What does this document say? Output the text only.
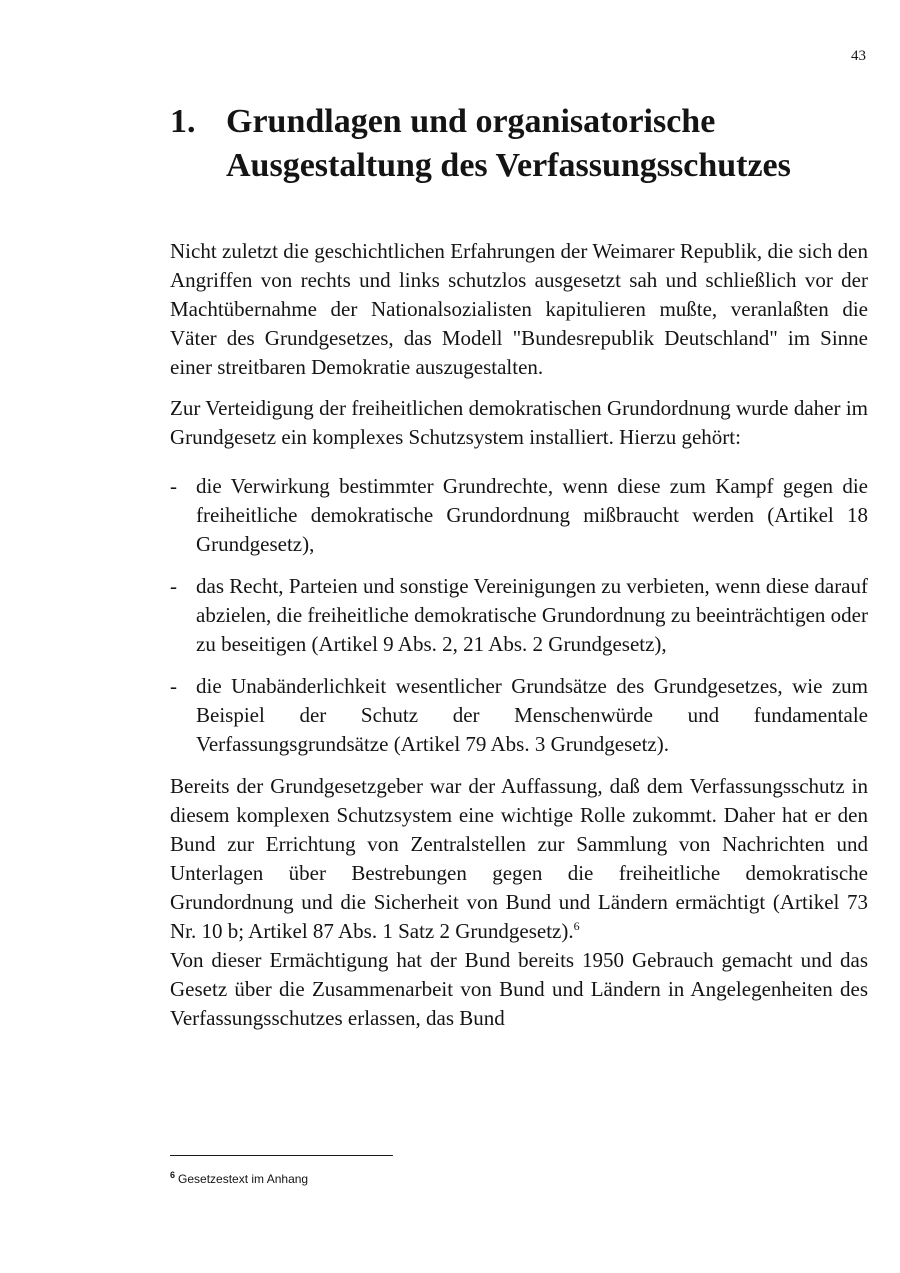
43
1. Grundlagen und organisatorische Ausgestaltung des Verfassungsschutzes

Nicht zuletzt die geschichtlichen Erfahrungen der Weimarer Republik, die sich den Angriffen von rechts und links schutzlos ausgesetzt sah und schließlich vor der Machtübernahme der Nationalsozialisten kapitulieren mußte, veranlaßten die Väter des Grundgesetzes, das Modell "Bundesrepublik Deutschland" im Sinne einer streitbaren Demokratie auszugestalten.

Zur Verteidigung der freiheitlichen demokratischen Grundordnung wurde daher im Grundgesetz ein komplexes Schutzsystem installiert. Hierzu gehört:

- die Verwirkung bestimmter Grundrechte, wenn diese zum Kampf gegen die freiheitliche demokratische Grundordnung mißbraucht werden (Artikel 18 Grundgesetz),
- das Recht, Parteien und sonstige Vereinigungen zu verbieten, wenn diese darauf abzielen, die freiheitliche demokratische Grundordnung zu beeinträchtigen oder zu beseitigen (Artikel 9 Abs. 2, 21 Abs. 2 Grundgesetz),
- die Unabänderlichkeit wesentlicher Grundsätze des Grundgesetzes, wie zum Beispiel der Schutz der Menschenwürde und fundamentale Verfassungsgrundsätze (Artikel 79 Abs. 3 Grundgesetz).

Bereits der Grundgesetzgeber war der Auffassung, daß dem Verfassungsschutz in diesem komplexen Schutzsystem eine wichtige Rolle zukommt. Daher hat er den Bund zur Errichtung von Zentralstellen zur Sammlung von Nachrichten und Unterlagen über Bestrebungen gegen die freiheitliche demokratische Grundordnung und die Sicherheit von Bund und Ländern ermächtigt (Artikel 73 Nr. 10 b; Artikel 87 Abs. 1 Satz 2 Grundgesetz).$^6$

Von dieser Ermächtigung hat der Bund bereits 1950 Gebrauch gemacht und das Gesetz über die Zusammenarbeit von Bund und Ländern in Angelegenheiten des Verfassungsschutzes erlassen, das Bund

$^6$ Gesetzestext im Anhang
